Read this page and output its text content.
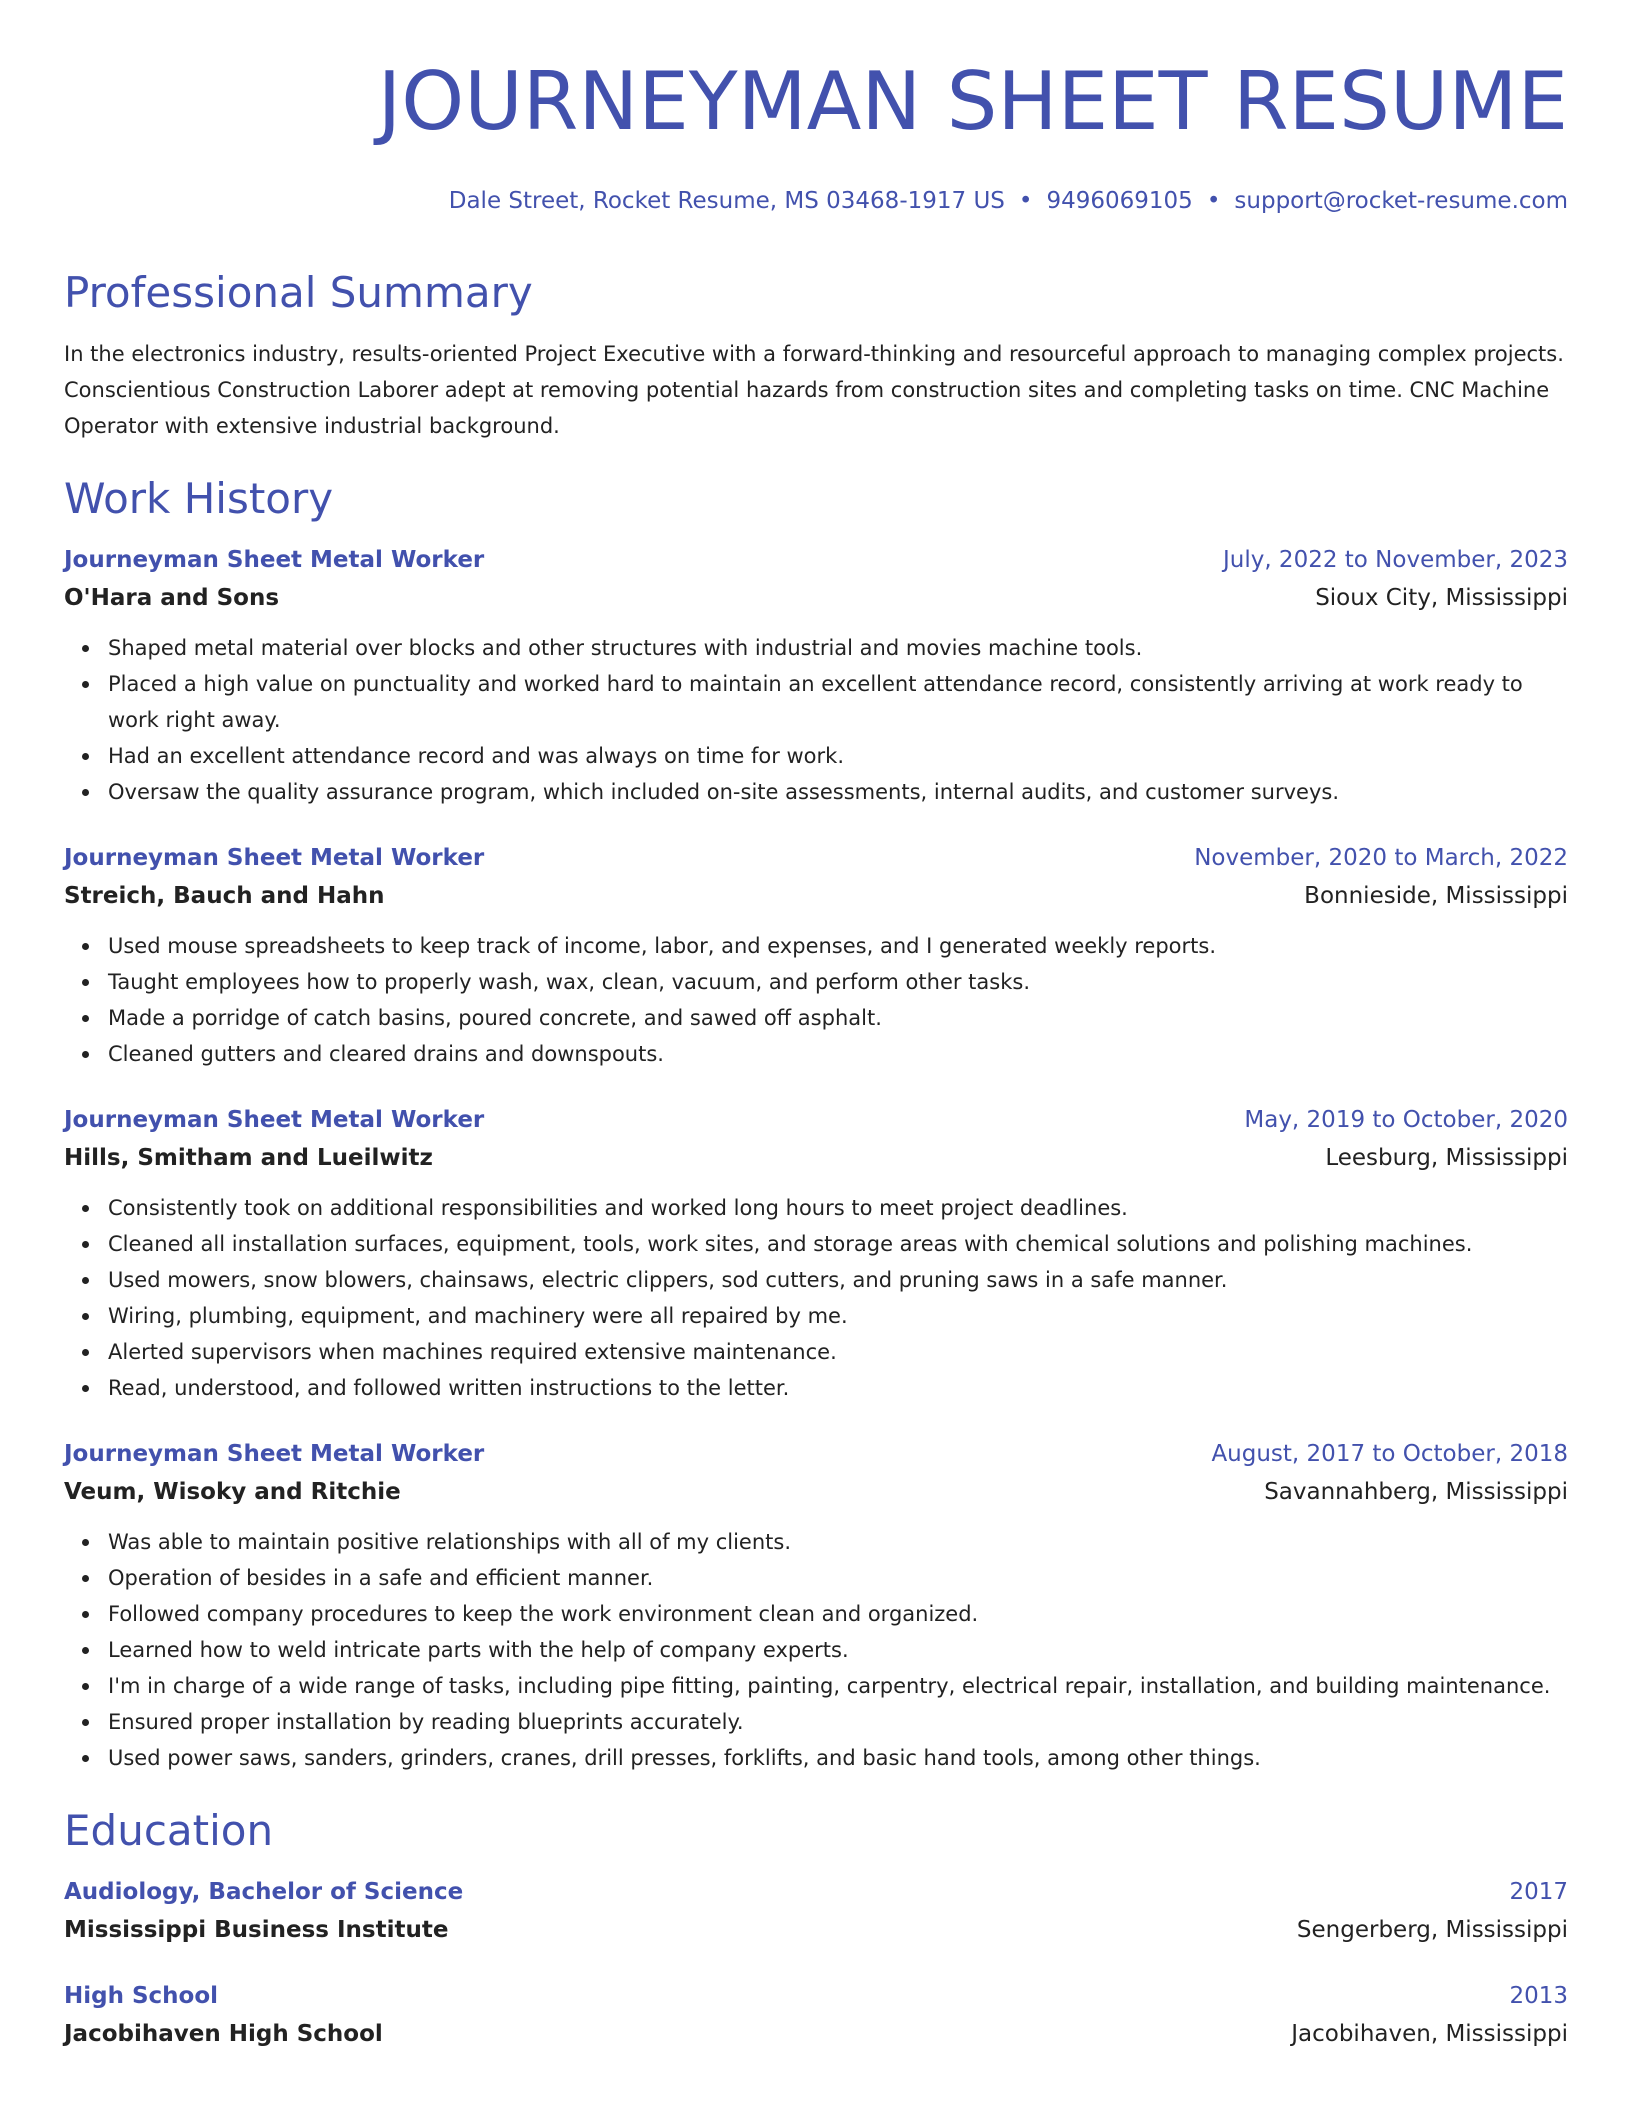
JOURNEYMAN SHEET RESUME
Dale Street, Rocket Resume, MS 03468-1917 US • 9496069105 • support@rocket-resume.com
Professional Summary

In the electronics industry, results-oriented Project Executive with a forward-thinking and resourceful approach to managing complex projects. Conscientious Construction Laborer adept at removing potential hazards from construction sites and completing tasks on time. CNC Machine Operator with extensive industrial background.

Work History
Journeyman Sheet Metal Worker	July, 2022 to November, 2023
O'Hara and Sons	Sioux City, Mississippi
Shaped metal material over blocks and other structures with industrial and movies machine tools.
Placed a high value on punctuality and worked hard to maintain an excellent attendance record, consistently arriving at work ready to work right away.
Had an excellent attendance record and was always on time for work.
Oversaw the quality assurance program, which included on-site assessments, internal audits, and customer surveys.
Journeyman Sheet Metal Worker	November, 2020 to March, 2022
Streich, Bauch and Hahn	Bonnieside, Mississippi
Used mouse spreadsheets to keep track of income, labor, and expenses, and I generated weekly reports.
Taught employees how to properly wash, wax, clean, vacuum, and perform other tasks.
Made a porridge of catch basins, poured concrete, and sawed off asphalt.
Cleaned gutters and cleared drains and downspouts.
Journeyman Sheet Metal Worker	May, 2019 to October, 2020
Hills, Smitham and Lueilwitz	Leesburg, Mississippi
Consistently took on additional responsibilities and worked long hours to meet project deadlines.
Cleaned all installation surfaces, equipment, tools, work sites, and storage areas with chemical solutions and polishing machines.
Used mowers, snow blowers, chainsaws, electric clippers, sod cutters, and pruning saws in a safe manner.
Wiring, plumbing, equipment, and machinery were all repaired by me.
Alerted supervisors when machines required extensive maintenance.
Read, understood, and followed written instructions to the letter.
Journeyman Sheet Metal Worker	August, 2017 to October, 2018
Veum, Wisoky and Ritchie	Savannahberg, Mississippi
Was able to maintain positive relationships with all of my clients.
Operation of besides in a safe and efficient manner.
Followed company procedures to keep the work environment clean and organized.
Learned how to weld intricate parts with the help of company experts.
I'm in charge of a wide range of tasks, including pipe fitting, painting, carpentry, electrical repair, installation, and building maintenance.
Ensured proper installation by reading blueprints accurately.
Used power saws, sanders, grinders, cranes, drill presses, forklifts, and basic hand tools, among other things.
Education
Audiology, Bachelor of Science	2017
Mississippi Business Institute	Sengerberg, Mississippi
High School	2013
Jacobihaven High School	Jacobihaven, Mississippi
